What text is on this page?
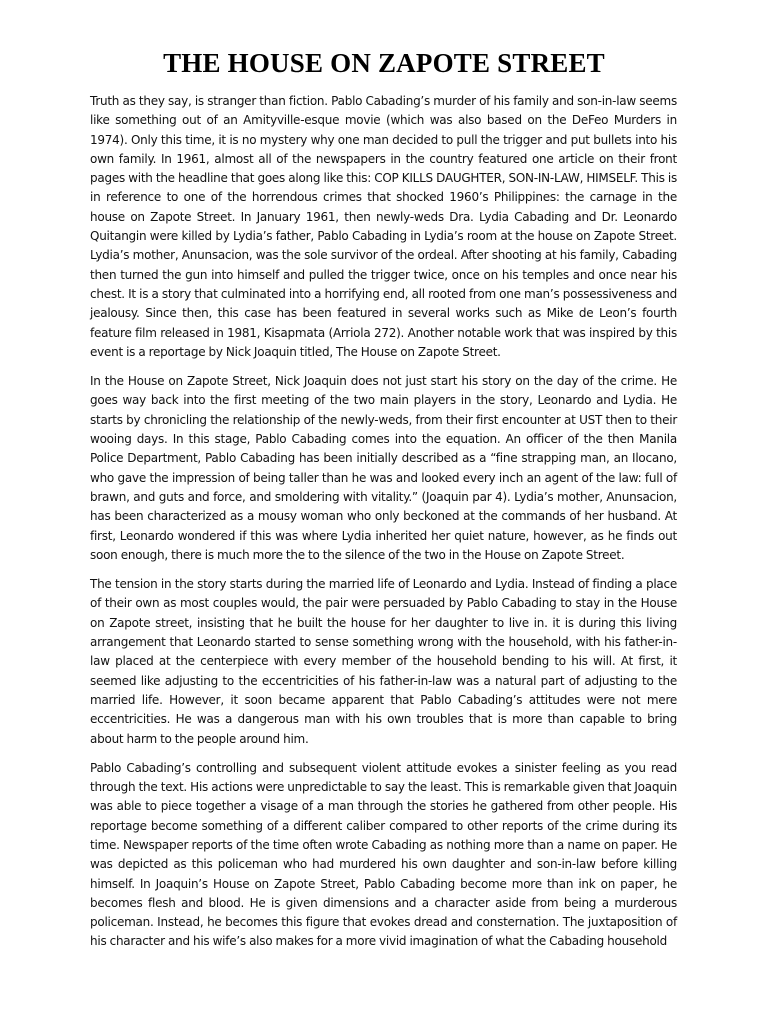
THE HOUSE ON ZAPOTE STREET

Truth as they say, is stranger than fiction. Pablo Cabading’s murder of his family and son-in-law seems like something out of an Amityville-esque movie (which was also based on the DeFeo Murders in 1974). Only this time, it is no mystery why one man decided to pull the trigger and put bullets into his own family. In 1961, almost all of the newspapers in the country featured one article on their front pages with the headline that goes along like this: COP KILLS DAUGHTER, SON-IN-LAW, HIMSELF. This is in reference to one of the horrendous crimes that shocked 1960’s Philippines: the carnage in the house on Zapote Street. In January 1961, then newly-weds Dra. Lydia Cabading and Dr. Leonardo Quitangin were killed by Lydia’s father, Pablo Cabading in Lydia’s room at the house on Zapote Street. Lydia’s mother, Anunsacion, was the sole survivor of the ordeal. After shooting at his family, Cabading then turned the gun into himself and pulled the trigger twice, once on his temples and once near his chest. It is a story that culminated into a horrifying end, all rooted from one man’s possessiveness and jealousy. Since then, this case has been featured in several works such as Mike de Leon’s fourth feature film released in 1981, Kisapmata (Arriola 272). Another notable work that was inspired by this event is a reportage by Nick Joaquin titled, The House on Zapote Street.

In the House on Zapote Street, Nick Joaquin does not just start his story on the day of the crime. He goes way back into the first meeting of the two main players in the story, Leonardo and Lydia. He starts by chronicling the relationship of the newly-weds, from their first encounter at UST then to their wooing days. In this stage, Pablo Cabading comes into the equation. An officer of the then Manila Police Department, Pablo Cabading has been initially described as a “fine strapping man, an Ilocano, who gave the impression of being taller than he was and looked every inch an agent of the law: full of brawn, and guts and force, and smoldering with vitality.” (Joaquin par 4). Lydia’s mother, Anunsacion, has been characterized as a mousy woman who only beckoned at the commands of her husband. At first, Leonardo wondered if this was where Lydia inherited her quiet nature, however, as he finds out soon enough, there is much more the to the silence of the two in the House on Zapote Street.

The tension in the story starts during the married life of Leonardo and Lydia. Instead of finding a place of their own as most couples would, the pair were persuaded by Pablo Cabading to stay in the House on Zapote street, insisting that he built the house for her daughter to live in. it is during this living arrangement that Leonardo started to sense something wrong with the household, with his father-in-law placed at the centerpiece with every member of the household bending to his will. At first, it seemed like adjusting to the eccentricities of his father-in-law was a natural part of adjusting to the married life. However, it soon became apparent that Pablo Cabading’s attitudes were not mere eccentricities. He was a dangerous man with his own troubles that is more than capable to bring about harm to the people around him.

Pablo Cabading’s controlling and subsequent violent attitude evokes a sinister feeling as you read through the text. His actions were unpredictable to say the least. This is remarkable given that Joaquin was able to piece together a visage of a man through the stories he gathered from other people. His reportage become something of a different caliber compared to other reports of the crime during its time. Newspaper reports of the time often wrote Cabading as nothing more than a name on paper. He was depicted as this policeman who had murdered his own daughter and son-in-law before killing himself. In Joaquin’s House on Zapote Street, Pablo Cabading become more than ink on paper, he becomes flesh and blood. He is given dimensions and a character aside from being a murderous policeman. Instead, he becomes this figure that evokes dread and consternation. The juxtaposition of his character and his wife’s also makes for a more vivid imagination of what the Cabading household
